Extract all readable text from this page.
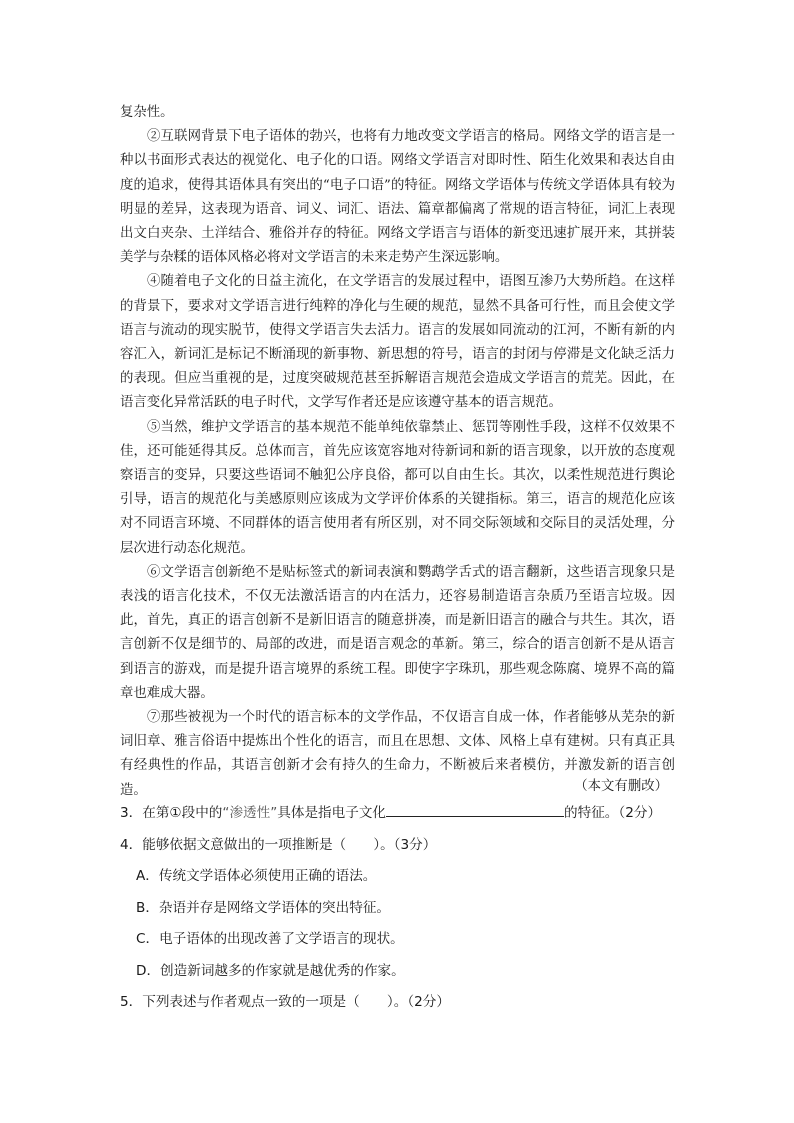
复杂性。

②互联网背景下电子语体的勃兴，也将有力地改变文学语言的格局。网络文学的语言是一种以书面形式表达的视觉化、电子化的口语。网络文学语言对即时性、陌生化效果和表达自由度的追求，使得其语体具有突出的“电子口语”的特征。网络文学语体与传统文学语体具有较为明显的差异，这表现为语音、词义、词汇、语法、篇章都偏离了常规的语言特征，词汇上表现出文白夹杂、土洋结合、雅俗并存的特征。网络文学语言与语体的新变迅速扩展开来，其拼装美学与杂糅的语体风格必将对文学语言的未来走势产生深远影响。

④随着电子文化的日益主流化，在文学语言的发展过程中，语图互渗乃大势所趋。在这样的背景下，要求对文学语言进行纯粹的净化与生硬的规范，显然不具备可行性，而且会使文学语言与流动的现实脱节，使得文学语言失去活力。语言的发展如同流动的江河，不断有新的内容汇入，新词汇是标记不断涌现的新事物、新思想的符号，语言的封闭与停滞是文化缺乏活力的表现。但应当重视的是，过度突破规范甚至拆解语言规范会造成文学语言的荒芜。因此，在语言变化异常活跃的电子时代，文学写作者还是应该遵守基本的语言规范。

⑤当然，维护文学语言的基本规范不能单纯依靠禁止、惩罚等刚性手段，这样不仅效果不佳，还可能延得其反。总体而言，首先应该宽容地对待新词和新的语言现象，以开放的态度观察语言的变异，只要这些语词不触犯公序良俗，都可以自由生长。其次，以柔性规范进行舆论引导，语言的规范化与美感原则应该成为文学评价体系的关键指标。第三，语言的规范化应该对不同语言环境、不同群体的语言使用者有所区别，对不同交际领域和交际目的灵活处理，分层次进行动态化规范。

⑥文学语言创新绝不是贴标签式的新词表演和鹦鹉学舌式的语言翻新，这些语言现象只是表浅的语言化技术，不仅无法激活语言的内在活力，还容易制造语言杂质乃至语言垃圾。因此，首先，真正的语言创新不是新旧语言的随意拼凑，而是新旧语言的融合与共生。其次，语言创新不仅是细节的、局部的改进，而是语言观念的革新。第三，综合的语言创新不是从语言到语言的游戏，而是提升语言境界的系统工程。即使字字珠玑，那些观念陈腐、境界不高的篇章也难成大器。

⑦那些被视为一个时代的语言标本的文学作品，不仅语言自成一体，作者能够从芜杂的新词旧章、雅言俗语中提炼出个性化的语言，而且在思想、文体、风格上卓有建树。只有真正具有经典性的作品，其语言创新才会有持久的生命力，不断被后来者模仿，并激发新的语言创造。	（本文有删改）

3．在第①段中的“渗透性”具体是指电子文化	的特征。（2分）

4．能够依据文意做出的一项推断是（　　）。（3分）

A．传统文学语体必须使用正确的语法。

B．杂语并存是网络文学语体的突出特征。

C．电子语体的出现改善了文学语言的现状。

D．创造新词越多的作家就是越优秀的作家。

5．下列表述与作者观点一致的一项是（　　）。（2分）
